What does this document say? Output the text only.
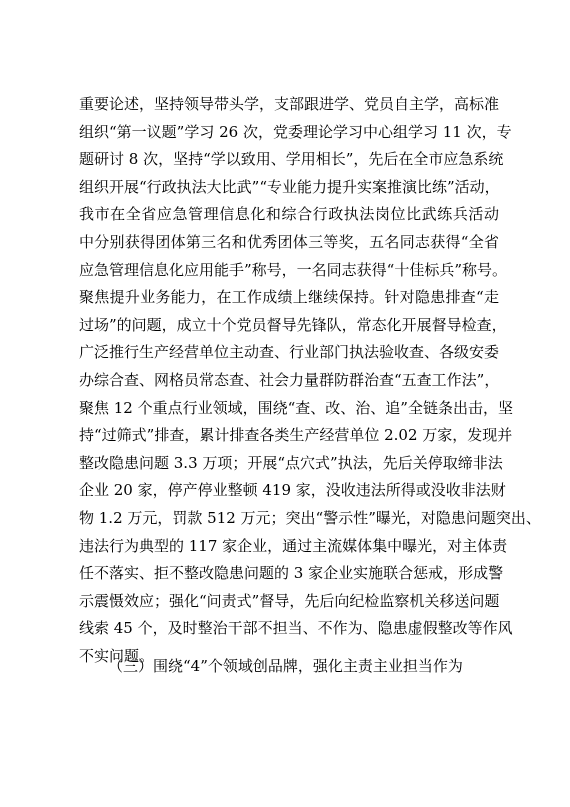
重要论述，坚持领导带头学，支部跟进学、党员自主学，高标准
组织“第一议题”学习 26 次，党委理论学习中心组学习 11 次，专
题研讨 8 次，坚持“学以致用、学用相长”，先后在全市应急系统
组织开展“行政执法大比武”“专业能力提升实案推演比练”活动，
我市在全省应急管理信息化和综合行政执法岗位比武练兵活动
中分别获得团体第三名和优秀团体三等奖，五名同志获得“全省
应急管理信息化应用能手”称号，一名同志获得“十佳标兵”称号。
聚焦提升业务能力，在工作成绩上继续保持。针对隐患排查“走
过场”的问题，成立十个党员督导先锋队，常态化开展督导检查，
广泛推行生产经营单位主动查、行业部门执法验收查、各级安委
办综合查、网格员常态查、社会力量群防群治查“五查工作法”，
聚焦 12 个重点行业领域，围绕“查、改、治、追”全链条出击，坚
持“过筛式”排查，累计排查各类生产经营单位 2.02 万家，发现并
整改隐患问题 3.3 万项；开展“点穴式”执法，先后关停取缔非法
企业 20 家，停产停业整顿 419 家，没收违法所得或没收非法财
物 1.2 万元，罚款 512 万元；突出“警示性”曝光，对隐患问题突出、
违法行为典型的 117 家企业，通过主流媒体集中曝光，对主体责
任不落实、拒不整改隐患问题的 3 家企业实施联合惩戒，形成警
示震慑效应；强化“问责式”督导，先后向纪检监察机关移送问题
线索 45 个，及时整治干部不担当、不作为、隐患虚假整改等作风
不实问题。
（三）围绕“4”个领域创品牌，强化主责主业担当作为
